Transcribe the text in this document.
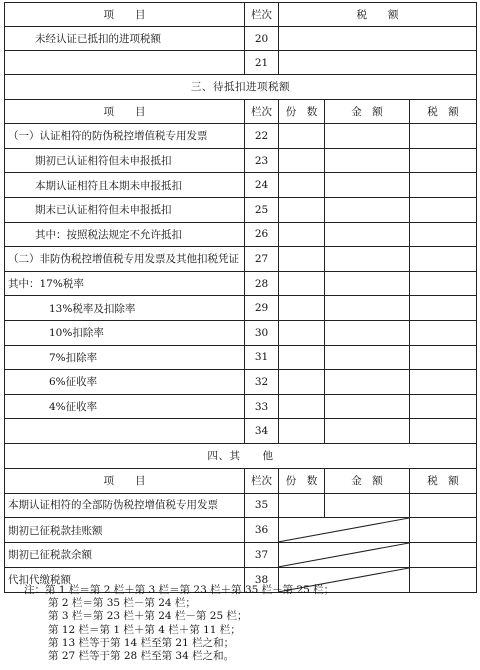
项　　目	栏次	税　　额		
未经认证已抵扣的进项税额	20			
	21			
三、待抵扣进项税额				
项　　目	栏次	份　数	金　额	税　额
（一）认证相符的防伪税控增值税专用发票	22			
期初已认证相符但未申报抵扣	23			
本期认证相符且本期未申报抵扣	24			
期末已认证相符但未申报抵扣	25			
其中：按照税法规定不允许抵扣	26			
（二）非防伪税控增值税专用发票及其他扣税凭证	27			
其中：17%税率	28			
13%税率及扣除率	29			
10%扣除率	30			
7%扣除率	31			
6%征收率	32			
4%征收率	33			
	34			
四、其　　他				
项　　目	栏次	份　数	金　额	税　额
本期认证相符的全部防伪税控增值税专用发票	35			
期初已征税款挂账额	36	

期初已征税款余额	37	

代扣代缴税额	38	

注：第 1 栏＝第 2 栏＋第 3 栏＝第 23 栏＋第 35 栏－第 25 栏；
第 2 栏＝第 35 栏－第 24 栏；
第 3 栏＝第 23 栏＋第 24 栏－第 25 栏；
第 12 栏＝第 1 栏＋第 4 栏＋第 11 栏；
第 13 栏等于第 14 栏至第 21 栏之和；
第 27 栏等于第 28 栏至第 34 栏之和。
